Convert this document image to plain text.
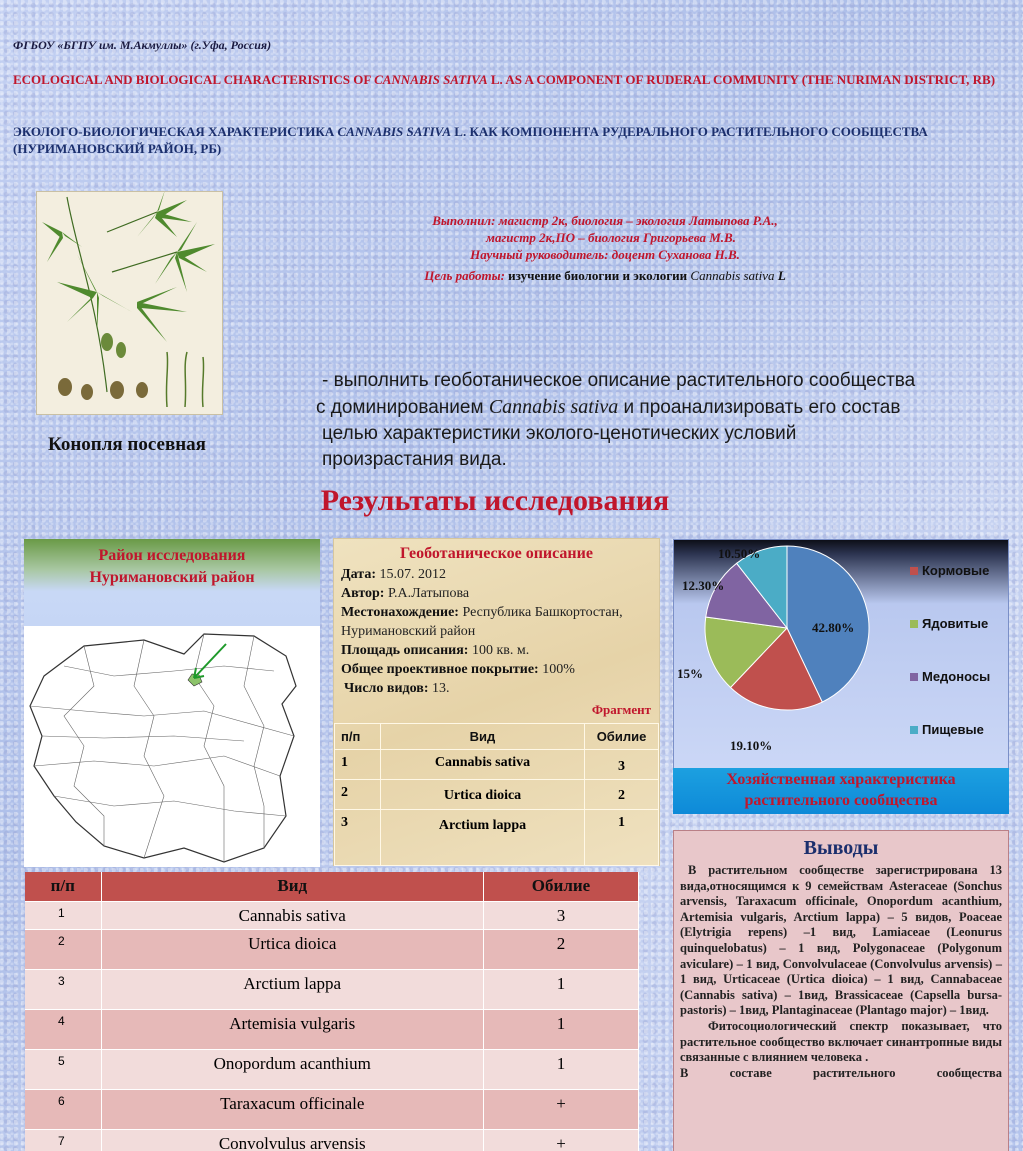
ФГБОУ «БГПУ им. М.Акмуллы» (г.Уфа, Россия)
ECOLOGICAL AND BIOLOGICAL CHARACTERISTICS OF CANNABIS SATIVA L. AS A COMPONENT OF RUDERAL COMMUNITY (THE NURIMAN DISTRICT, RB)
ЭКОЛОГО-БИОЛОГИЧЕСКАЯ ХАРАКТЕРИСТИКА CANNABIS SATIVA L. КАК КОМПОНЕНТА РУДЕРАЛЬНОГО РАСТИТЕЛЬНОГО СООБЩЕСТВА (НУРИМАНОВСКИЙ РАЙОН, РБ)
Конопля посевная
Выполнил: магистр 2к, биология – экология Латыпова Р.А.,
магистр 2к,ПО – биология Григорьева М.В.
Научный руководитель: доцент Суханова Н.В.
Цель работы: изучение биологии и экологии Cannabis sativa L
- выполнить геоботаническое описание растительного сообщества
с доминированием Cannabis sativa и проанализировать его состав
целью характеристики эколого-ценотических условий
произрастания вида.
Результаты исследования
Район исследования
Нуримановский район
Геоботаническое описание
Дата: 15.07. 2012
Автор: Р.А.Латыпова
Местонахождение: Республика Башкортостан, Нуримановский район
Площадь описания: 100 кв. м.
Общее проективное покрытие: 100%
Число видов: 13.
Фрагмент
п/п	Вид	Обилие
1	Cannabis sativa	3
2	Urtica dioica	2
3	Arctium lappa	1
10.50%
12.30%
42.80%
15%
19.10%
Кормовые
Ядовитые
Медоносы
Пищевые
Хозяйственная характеристика растительного сообщества
п/п	Вид	Обилие
1	Cannabis sativa	3
2	Urtica dioica	2
3	Arctium lappa	1
4	Artemisia vulgaris	1
5	Onopordum acanthium	1
6	Taraxacum officinale	+
7	Convolvulus arvensis	+
Выводы

В растительном сообществе зарегистрирована 13 вида,относящимся к 9 семействам Asteraceae (Sonchus arvensis, Taraxacum officinale, Onopordum acanthium, Artemisia vulgaris, Arctium lappa) – 5 видов, Poaceae (Elytrigia repens) –1 вид, Lamiaceae (Leonurus quinquelobatus) – 1 вид, Polygonaceae (Polygonum aviculare) – 1 вид, Convolvulaceae (Convolvulus arvensis) – 1 вид, Urticaceae (Urtica dioica) – 1 вид, Cannabaceae (Cannabis sativa) – 1вид, Brassicaceae (Capsella bursa-pastoris) – 1вид, Plantaginaceae (Plantago major) – 1вид.

Фитосоциологический спектр показывает, что растительное сообщество включает синантропные виды связанные с влиянием человека .

В составе растительного сообщества
